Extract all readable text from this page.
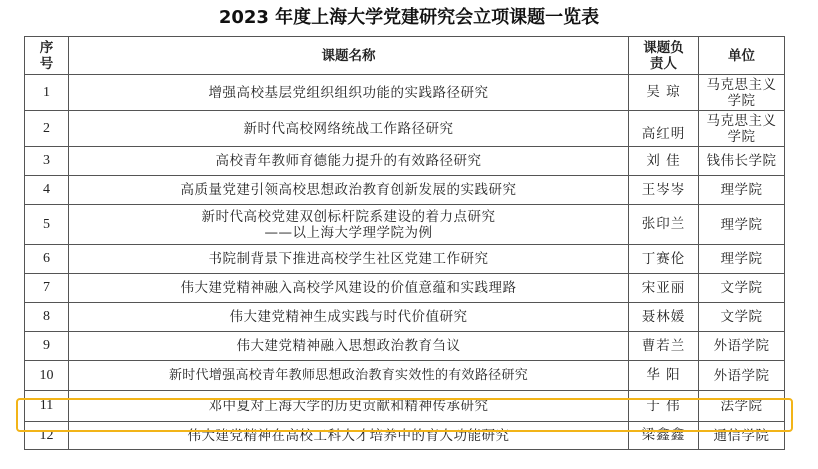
2023 年度上海大学党建研究会立项课题一览表
序号	课题名称	课题负责人	单位
1	增强高校基层党组织组织功能的实践路径研究	吴 琼	马克思主义学院

2	新时代高校网络统战工作路径研究	高红明	马克思主义学院

3	高校青年教师育德能力提升的有效路径研究	刘 佳	钱伟长学院
4	高质量党建引领高校思想政治教育创新发展的实践研究	王岑岑	理学院
5	新时代高校党建双创标杆院系建设的着力点研究
——以上海大学理学院为例	张印兰	理学院
6	书院制背景下推进高校学生社区党建工作研究	丁赛伦	理学院
7	伟大建党精神融入高校学风建设的价值意蕴和实践理路	宋亚丽	文学院
8	伟大建党精神生成实践与时代价值研究	聂林媛	文学院
9	伟大建党精神融入思想政治教育刍议	曹若兰	外语学院
10	新时代增强高校青年教师思想政治教育实效性的有效路径研究	华 阳	外语学院
11	邓中夏对上海大学的历史贡献和精神传承研究	于 伟	法学院
12	伟大建党精神在高校工科人才培养中的育人功能研究	梁鑫鑫	通信学院
